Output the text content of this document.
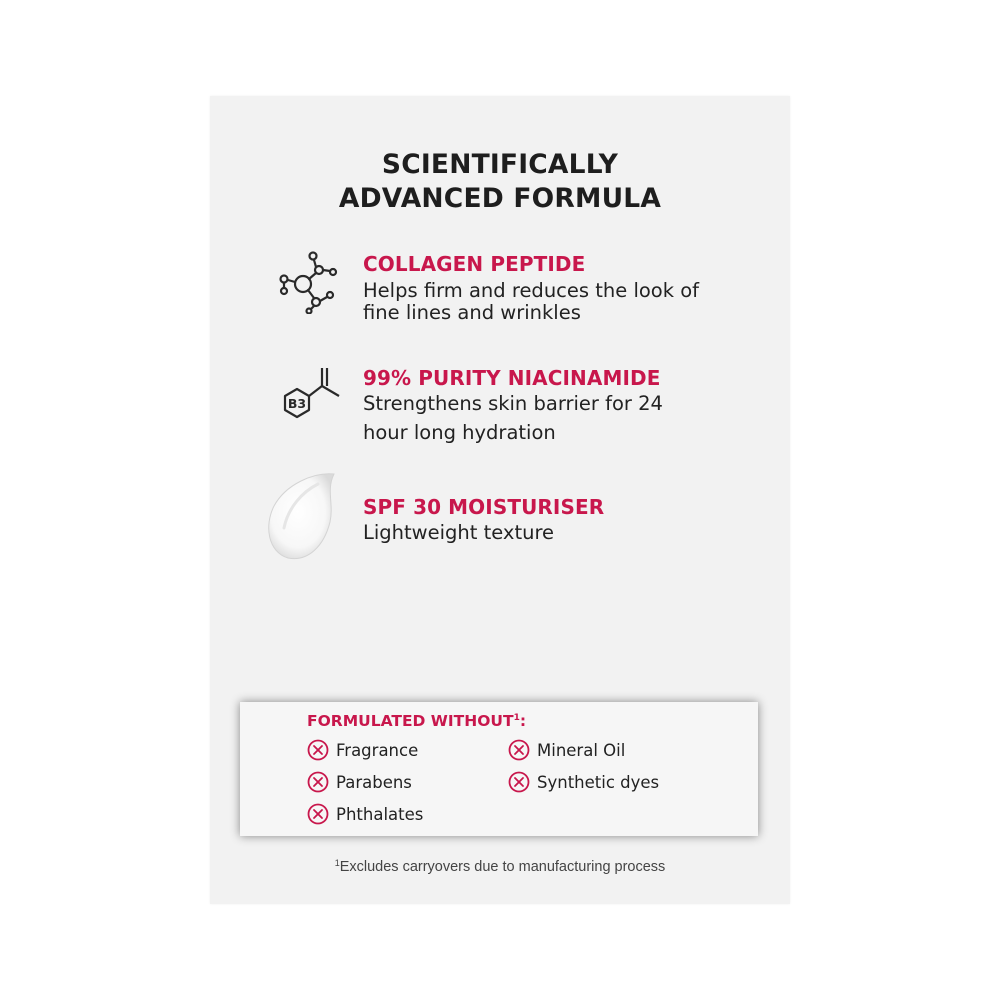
SCIENTIFICALLY
ADVANCED FORMULA
COLLAGEN PEPTIDE
Helps firm and reduces the look of
fine lines and wrinkles
B3
99% PURITY NIACINAMIDE
Strengthens skin barrier for 24
hour long hydration
SPF 30 MOISTURISER
Lightweight texture
FORMULATED WITHOUT$^1$:
Fragrance
Parabens
Phthalates
Mineral Oil
Synthetic dyes
$^1$Excludes carryovers due to manufacturing process
